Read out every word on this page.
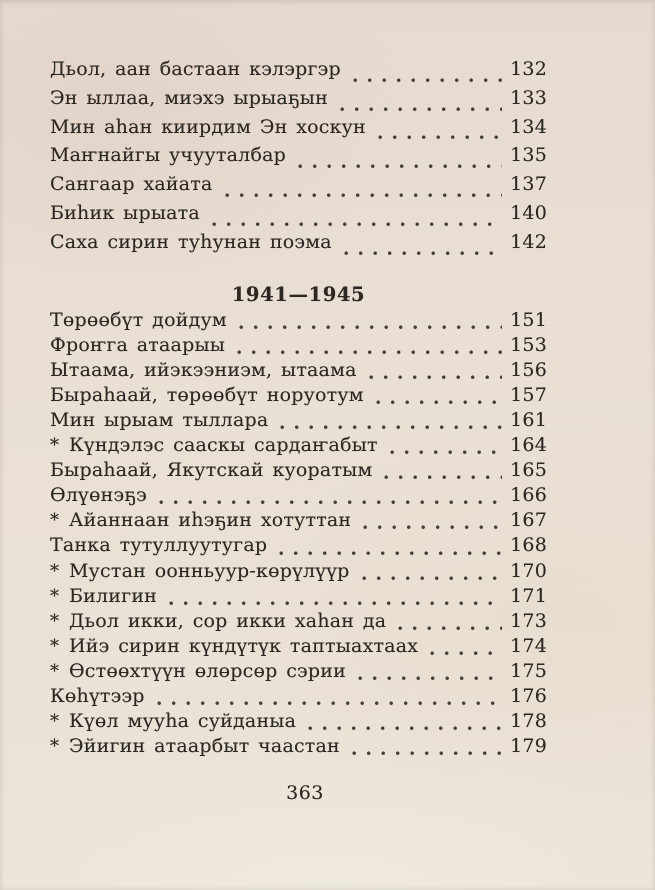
Дьол, аан бастаан кэлэргэр	132
Эн ыллаа, миэхэ ырыаҕын	133
Мин аһан киирдим Эн хоскун	134
Маҥнайгы учууталбар	135
Сангаар хайата	137
Биһик ырыата	140
Саха сирин туһунан поэма	142
1941—1945
Төрөөбүт дойдум	151
Фроҥга атаарыы	153
Ытаама, ийэкээниэм, ытаама	156
Быраһаай, төрөөбүт норуотум	157
Мин ырыам тыллара	161
* Күндэлэс сааскы сардаҥабыт	164
Быраһаай, Якутскай куоратым	165
Өлүөнэҕэ	166
* Айаннаан иһэҕин хотуттан	167
Танка тутуллуутугар	168
* Мустан оонньуур-көрүлүүр	170
* Билигин	171
* Дьол икки, сор икки хаһан да	173
* Ийэ сирин күндүтүк таптыахтаах	174
* Өстөөхтүүн өлөрсөр сэрии	175
Көһүтээр	176
* Күөл мууһа суйданыа	178
* Эйигин атаарбыт чаастан	179
363
